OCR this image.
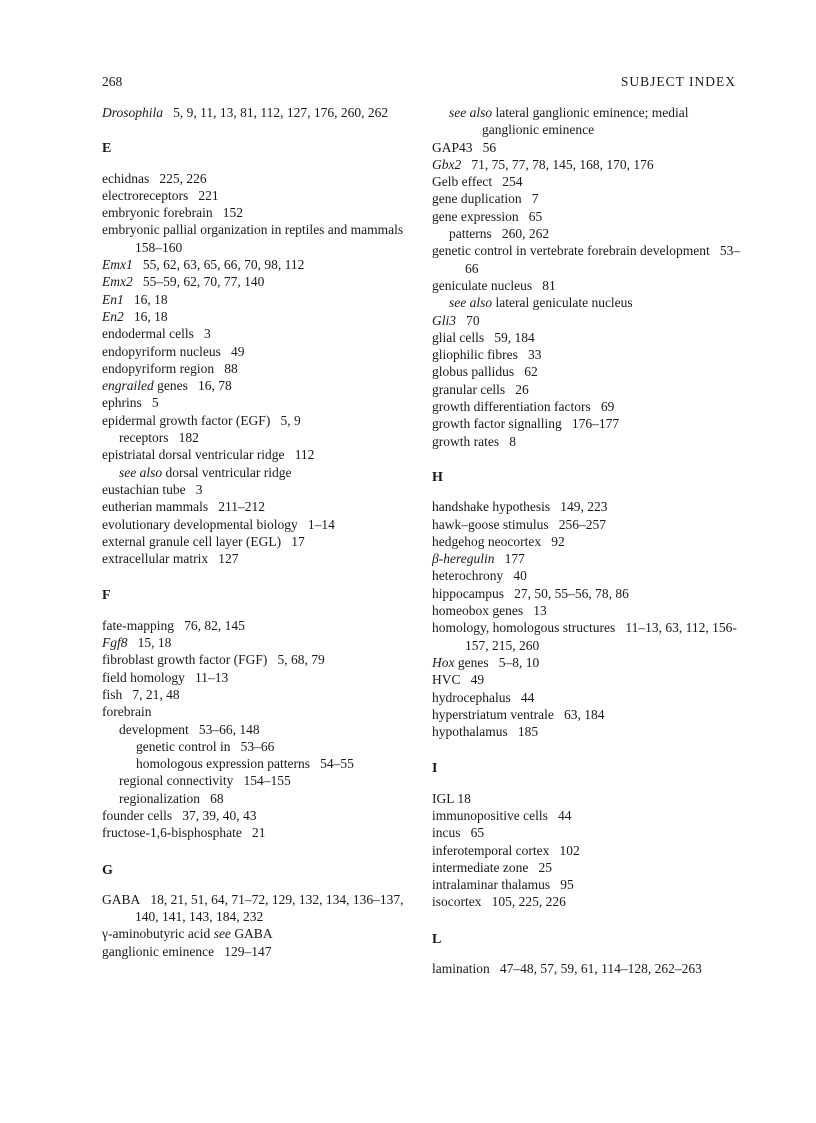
268	SUBJECT INDEX

Drosophila  5, 9, 11, 13, 81, 112, 127, 176, 260, 262

E

echidnas  225, 226

electroreceptors  221

embryonic forebrain  152

embryonic pallial organization in reptiles and mammals  158–160

Emx1  55, 62, 63, 65, 66, 70, 98, 112

Emx2  55–59, 62, 70, 77, 140

En1  16, 18

En2  16, 18

endodermal cells  3

endopyriform nucleus  49

endopyriform region  88

engrailed genes  16, 78

ephrins  5

epidermal growth factor (EGF)  5, 9

receptors  182

epistriatal dorsal ventricular ridge  112

see also dorsal ventricular ridge

eustachian tube  3

eutherian mammals  211–212

evolutionary developmental biology  1–14

external granule cell layer (EGL)  17

extracellular matrix  127

F

fate-mapping  76, 82, 145

Fgf8  15, 18

fibroblast growth factor (FGF)  5, 68, 79

field homology  11–13

fish  7, 21, 48

forebrain

development  53–66, 148

genetic control in  53–66

homologous expression patterns  54–55

regional connectivity  154–155

regionalization  68

founder cells  37, 39, 40, 43

fructose-1,6-bisphosphate  21

G

GABA  18, 21, 51, 64, 71–72, 129, 132, 134, 136–137, 140, 141, 143, 184, 232

γ-aminobutyric acid see GABA

ganglionic eminence  129–147

see also lateral ganglionic eminence; medial ganglionic eminence

GAP43  56

Gbx2  71, 75, 77, 78, 145, 168, 170, 176

Gelb effect  254

gene duplication  7

gene expression  65

patterns  260, 262

genetic control in vertebrate forebrain development  53–66

geniculate nucleus  81

see also lateral geniculate nucleus

Gli3  70

glial cells  59, 184

gliophilic fibres  33

globus pallidus  62

granular cells  26

growth differentiation factors  69

growth factor signalling  176–177

growth rates  8

H

handshake hypothesis  149, 223

hawk–goose stimulus  256–257

hedgehog neocortex  92

β-heregulin  177

heterochrony  40

hippocampus  27, 50, 55–56, 78, 86

homeobox genes  13

homology, homologous structures  11–13, 63, 112, 156-157, 215, 260

Hox genes  5–8, 10

HVC  49

hydrocephalus  44

hyperstriatum ventrale  63, 184

hypothalamus  185

I

IGL 18

immunopositive cells  44

incus  65

inferotemporal cortex  102

intermediate zone  25

intralaminar thalamus  95

isocortex  105, 225, 226

L

lamination  47–48, 57, 59, 61, 114–128, 262–263
